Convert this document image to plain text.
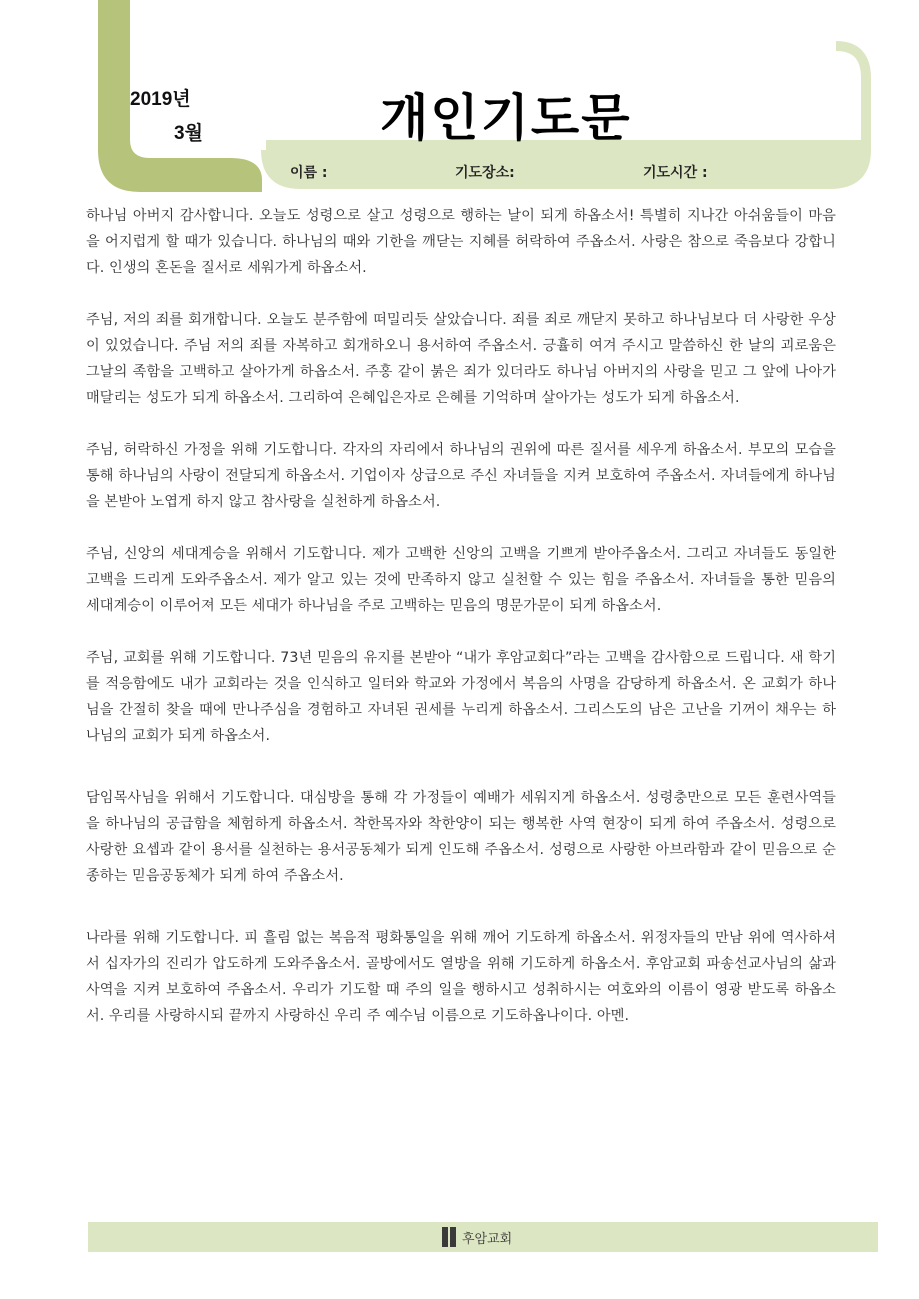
2019년
3월	개인기도문
이름 :	기도장소:	기도시간 :

하나님 아버지 감사합니다. 오늘도 성령으로 살고 성령으로 행하는 날이 되게 하옵소서! 특별히 지나간 아쉬움들이 마음을 어지럽게 할 때가 있습니다. 하나님의 때와 기한을 깨닫는 지혜를 허락하여 주옵소서. 사랑은 참으로 죽음보다 강합니다. 인생의 혼돈을 질서로 세워가게 하옵소서.

주님, 저의 죄를 회개합니다. 오늘도 분주함에 떠밀리듯 살았습니다. 죄를 죄로 깨닫지 못하고 하나님보다 더 사랑한 우상이 있었습니다. 주님 저의 죄를 자복하고 회개하오니 용서하여 주옵소서. 긍휼히 여겨 주시고 말씀하신 한 날의 괴로움은 그날의 족함을 고백하고 살아가게 하옵소서. 주홍 같이 붉은 죄가 있더라도 하나님 아버지의 사랑을 믿고 그 앞에 나아가 매달리는 성도가 되게 하옵소서. 그리하여 은혜입은자로 은혜를 기억하며 살아가는 성도가 되게 하옵소서.

주님, 허락하신 가정을 위해 기도합니다. 각자의 자리에서 하나님의 권위에 따른 질서를 세우게 하옵소서. 부모의 모습을 통해 하나님의 사랑이 전달되게 하옵소서. 기업이자 상급으로 주신 자녀들을 지켜 보호하여 주옵소서. 자녀들에게 하나님을 본받아 노엽게 하지 않고 참사랑을 실천하게 하옵소서.

주님, 신앙의 세대계승을 위해서 기도합니다. 제가 고백한 신앙의 고백을 기쁘게 받아주옵소서. 그리고 자녀들도 동일한 고백을 드리게 도와주옵소서. 제가 알고 있는 것에 만족하지 않고 실천할 수 있는 힘을 주옵소서. 자녀들을 통한 믿음의 세대계승이 이루어져 모든 세대가 하나님을 주로 고백하는 믿음의 명문가문이 되게 하옵소서.

주님, 교회를 위해 기도합니다. 73년 믿음의 유지를 본받아 “내가 후암교회다”라는 고백을 감사함으로 드립니다. 새 학기를 적응함에도 내가 교회라는 것을 인식하고 일터와 학교와 가정에서 복음의 사명을 감당하게 하옵소서. 온 교회가 하나님을 간절히 찾을 때에 만나주심을 경험하고 자녀된 권세를 누리게 하옵소서. 그리스도의 남은 고난을 기꺼이 채우는 하나님의 교회가 되게 하옵소서.

담임목사님을 위해서 기도합니다. 대심방을 통해 각 가정들이 예배가 세워지게 하옵소서. 성령충만으로 모든 훈련사역들을 하나님의 공급함을 체험하게 하옵소서. 착한목자와 착한양이 되는 행복한 사역 현장이 되게 하여 주옵소서. 성령으로 사랑한 요셉과 같이 용서를 실천하는 용서공동체가 되게 인도해 주옵소서. 성령으로 사랑한 아브라함과 같이 믿음으로 순종하는 믿음공동체가 되게 하여 주옵소서.

나라를 위해 기도합니다. 피 흘림 없는 복음적 평화통일을 위해 깨어 기도하게 하옵소서. 위정자들의 만남 위에 역사하셔서 십자가의 진리가 압도하게 도와주옵소서. 골방에서도 열방을 위해 기도하게 하옵소서. 후암교회 파송선교사님의 삶과 사역을 지켜 보호하여 주옵소서. 우리가 기도할 때 주의 일을 행하시고 성취하시는 여호와의 이름이 영광 받도록 하옵소서. 우리를 사랑하시되 끝까지 사랑하신 우리 주 예수님 이름으로 기도하옵나이다. 아멘.

후암교회
